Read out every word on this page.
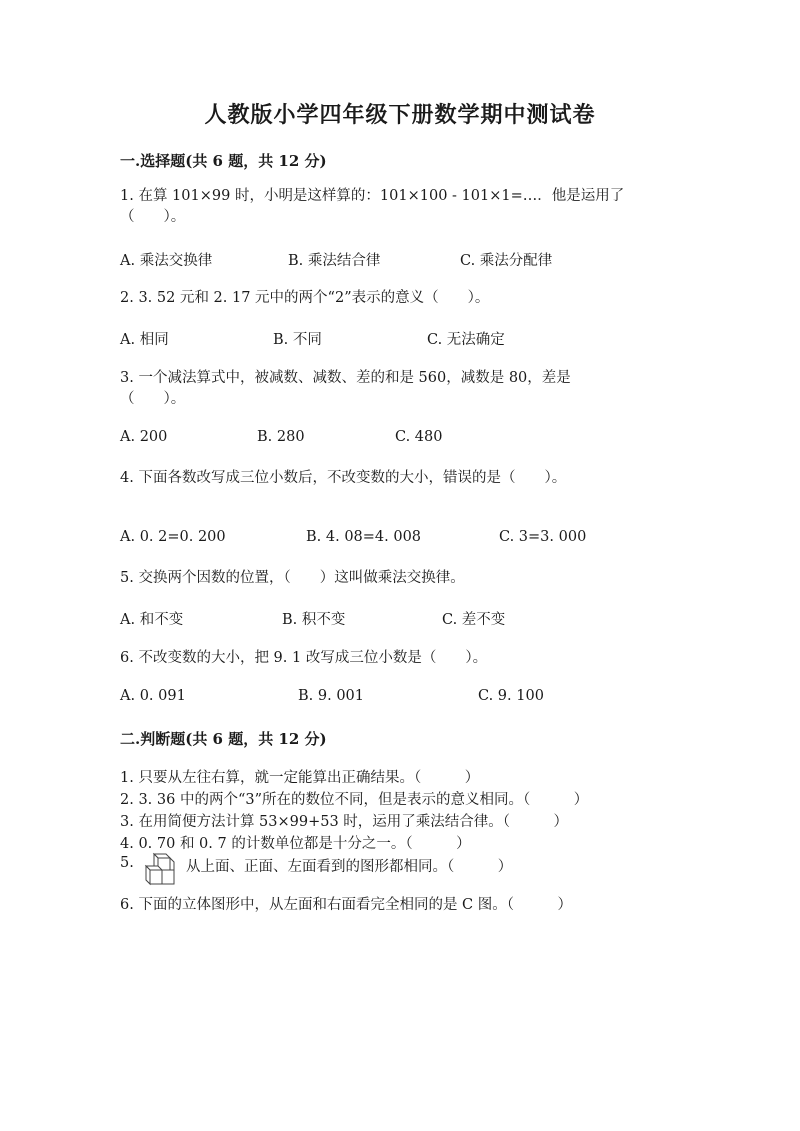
人教版小学四年级下册数学期中测试卷
一.选择题(共 6 题，共 12 分)
1. 在算 101×99 时，小明是这样算的：101×100 - 101×1=…．他是运用了
（　　）。
A. 乘法交换律	B. 乘法结合律	C. 乘法分配律
2. 3. 52 元和 2. 17 元中的两个“2”表示的意义（　　）。
A. 相同	B. 不同	C. 无法确定
3. 一个减法算式中，被减数、减数、差的和是 560，减数是 80，差是
（　　）。
A. 200	B. 280	C. 480
4. 下面各数改写成三位小数后，不改变数的大小，错误的是（　　）。
A. 0. 2=0. 200	B. 4. 08=4. 008	C. 3=3. 000
5. 交换两个因数的位置，（　　）这叫做乘法交换律。
A. 和不变	B. 积不变	C. 差不变
6. 不改变数的大小，把 9. 1 改写成三位小数是（　　）。
A. 0. 091	B. 9. 001	C. 9. 100
二.判断题(共 6 题，共 12 分)
1. 只要从左往右算，就一定能算出正确结果。（　　　）
2. 3. 36 中的两个“3”所在的数位不同，但是表示的意义相同。（　　　）
3. 在用简便方法计算 53×99+53 时，运用了乘法结合律。（　　　）
4. 0. 70 和 0. 7 的计数单位都是十分之一。（　　　）
5.	从上面、正面、左面看到的图形都相同。（　　　）
6. 下面的立体图形中，从左面和右面看完全相同的是 C 图。（　　　）
